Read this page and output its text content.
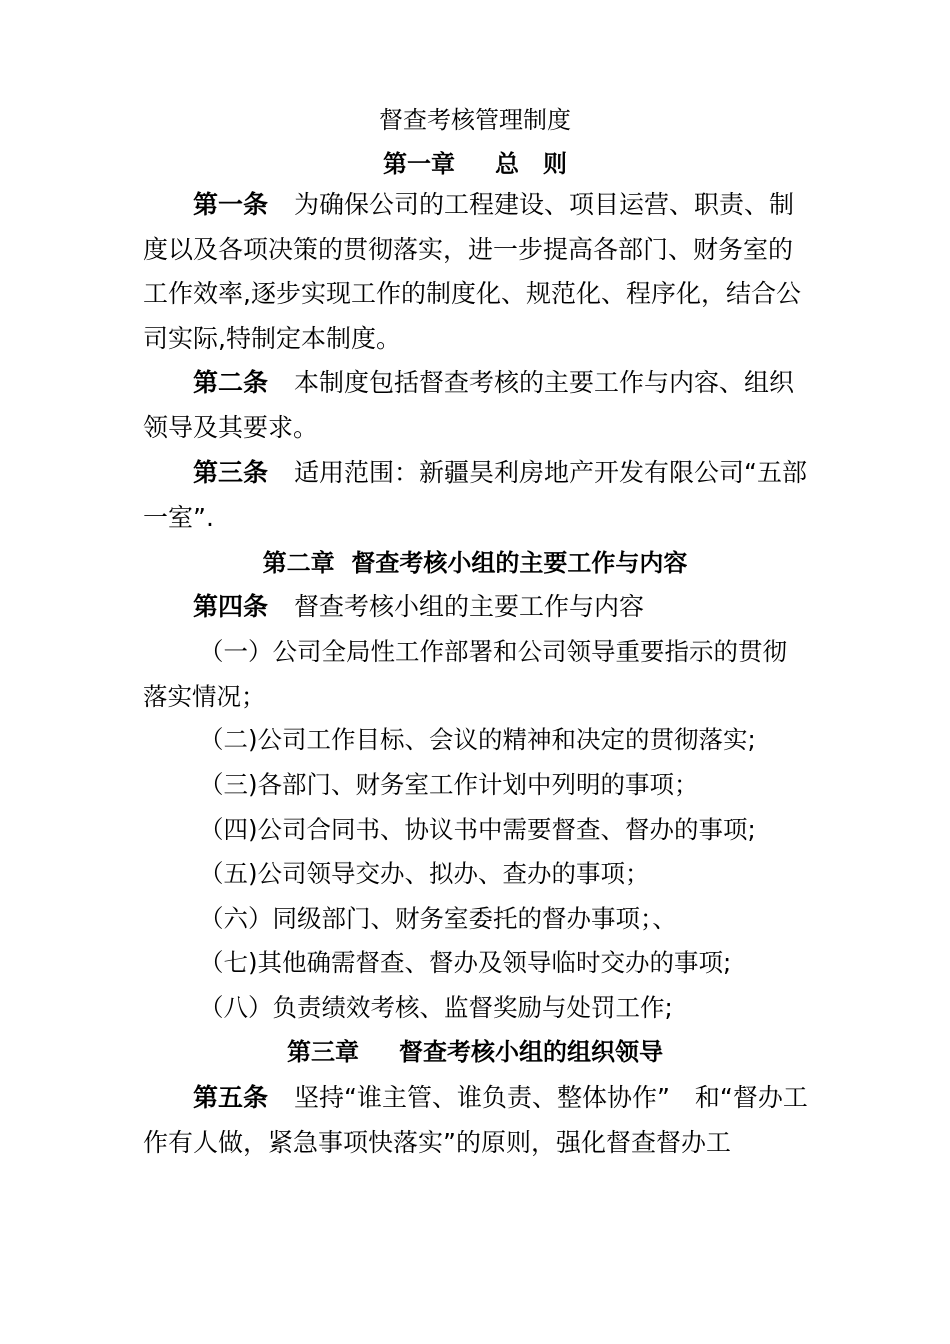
督查考核管理制度
第一章 总　则
第一条 为确保公司的工程建设、项目运营、职责、制度以及各项决策的贯彻落实，进一步提高各部门、财务室的工作效率,逐步实现工作的制度化、规范化、程序化，结合公司实际,特制定本制度。
第二条 本制度包括督查考核的主要工作与内容、组织领导及其要求。
第三条 适用范围：新疆昊利房地产开发有限公司“五部一室”.
第二章 督查考核小组的主要工作与内容
第四条 督查考核小组的主要工作与内容
（一）公司全局性工作部署和公司领导重要指示的贯彻落实情况；
（二)公司工作目标、会议的精神和决定的贯彻落实;
（三)各部门、财务室工作计划中列明的事项；
（四)公司合同书、协议书中需要督查、督办的事项;
（五)公司领导交办、拟办、查办的事项；
（六）同级部门、财务室委托的督办事项；、
（七)其他确需督查、督办及领导临时交办的事项;
（八）负责绩效考核、监督奖励与处罚工作;
第三章 督查考核小组的组织领导
第五条 坚持“谁主管、谁负责、整体协作”　和“督办工作有人做，紧急事项快落实”的原则，强化督查督办工
